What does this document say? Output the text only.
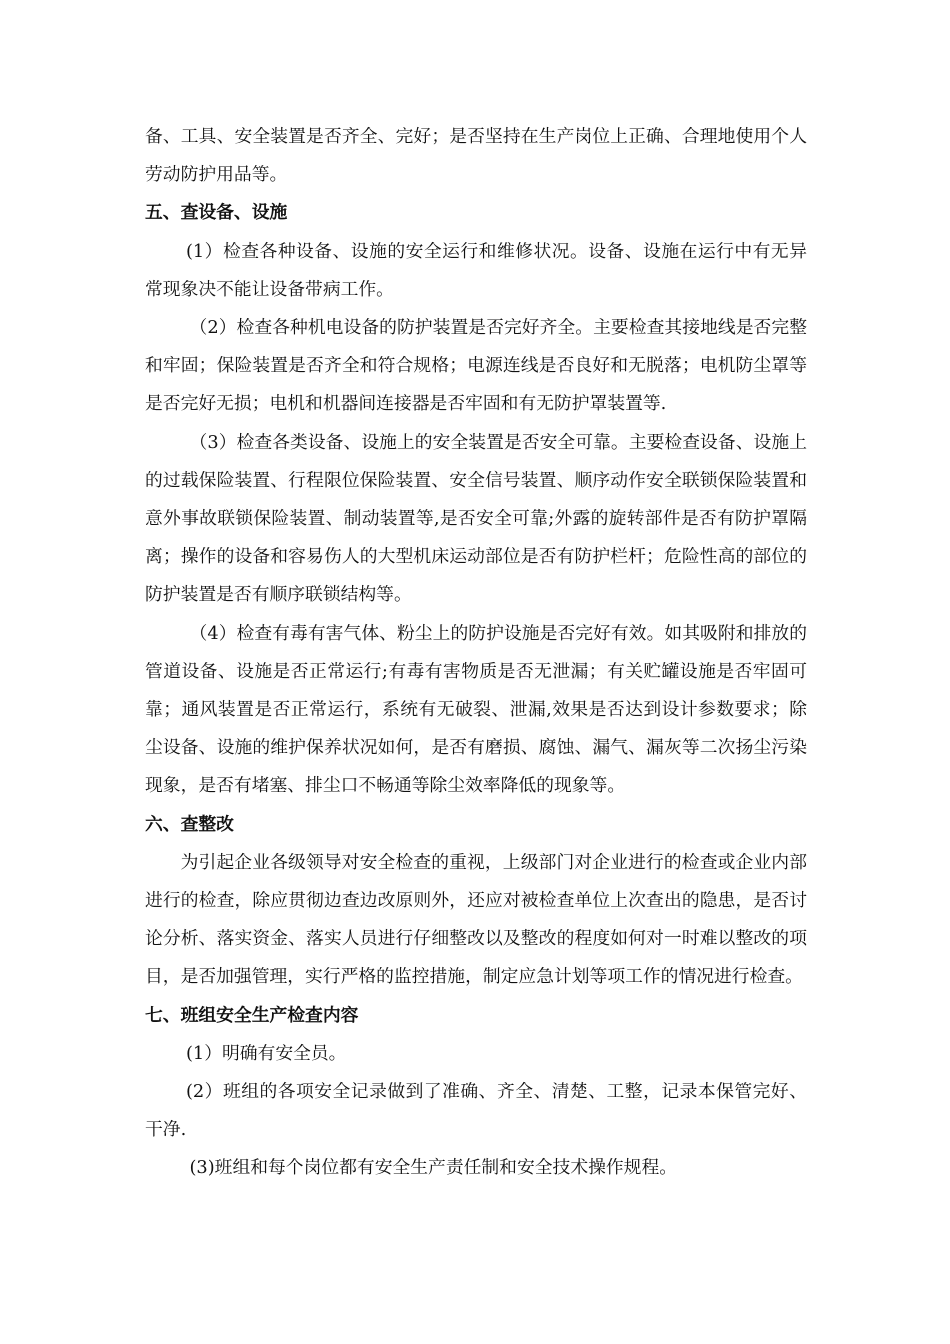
备、工具、安全装置是否齐全、完好；是否坚持在生产岗位上正确、合理地使用个人劳动防护用品等。

五、查设备、设施

(1）检查各种设备、设施的安全运行和维修状况。设备、设施在运行中有无异常现象决不能让设备带病工作。

（2）检查各种机电设备的防护装置是否完好齐全。主要检查其接地线是否完整和牢固；保险装置是否齐全和符合规格；电源连线是否良好和无脱落；电机防尘罩等是否完好无损；电机和机器间连接器是否牢固和有无防护罩装置等.

（3）检查各类设备、设施上的安全装置是否安全可靠。主要检查设备、设施上的过载保险装置、行程限位保险装置、安全信号装置、顺序动作安全联锁保险装置和意外事故联锁保险装置、制动装置等,是否安全可靠;外露的旋转部件是否有防护罩隔离；操作的设备和容易伤人的大型机床运动部位是否有防护栏杆；危险性高的部位的防护装置是否有顺序联锁结构等。

（4）检查有毒有害气体、粉尘上的防护设施是否完好有效。如其吸附和排放的管道设备、设施是否正常运行;有毒有害物质是否无泄漏；有关贮罐设施是否牢固可靠；通风装置是否正常运行，系统有无破裂、泄漏,效果是否达到设计参数要求；除尘设备、设施的维护保养状况如何，是否有磨损、腐蚀、漏气、漏灰等二次扬尘污染现象，是否有堵塞、排尘口不畅通等除尘效率降低的现象等。

六、查整改

为引起企业各级领导对安全检查的重视，上级部门对企业进行的检查或企业内部进行的检查，除应贯彻边查边改原则外，还应对被检查单位上次查出的隐患，是否讨论分析、落实资金、落实人员进行仔细整改以及整改的程度如何对一时难以整改的项目，是否加强管理，实行严格的监控措施，制定应急计划等项工作的情况进行检查。

七、班组安全生产检查内容

(1）明确有安全员。

(2）班组的各项安全记录做到了准确、齐全、清楚、工整，记录本保管完好、干净.

(3)班组和每个岗位都有安全生产责任制和安全技术操作规程。
